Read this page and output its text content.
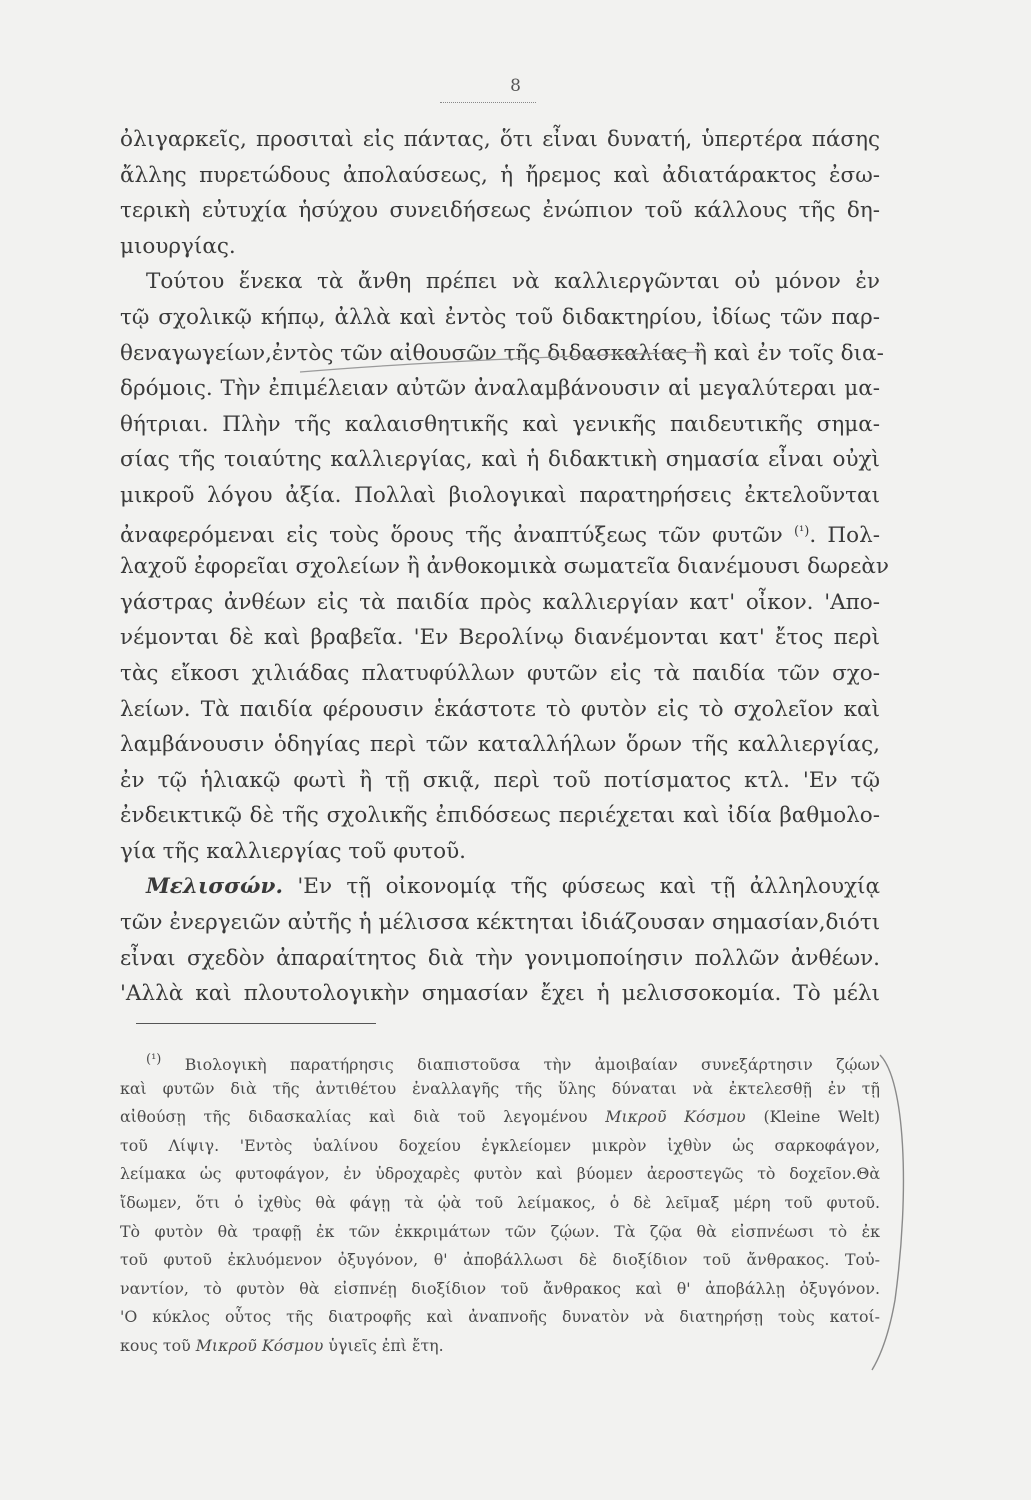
8
ὀλιγαρκεῖς, προσιταὶ εἰς πάντας, ὅτι εἶναι δυνατή, ὑπερτέρα πάσης
ἄλλης πυρετώδους ἀπολαύσεως, ἡ ἤρεμος καὶ ἀδιατάρακτος ἐσω-
τερικὴ εὐτυχία ἡσύχου συνειδήσεως ἐνώπιον τοῦ κάλλους τῆς δη-
μιουργίας.
Τούτου ἕνεκα τὰ ἄνθη πρέπει νὰ καλλιεργῶνται οὐ μόνον ἐν
τῷ σχολικῷ κήπῳ, ἀλλὰ καὶ ἐντὸς τοῦ διδακτηρίου, ἰδίως τῶν παρ-
θεναγωγείων,ἐντὸς τῶν αἰθουσῶν τῆς διδασκαλίας ἢ καὶ ἐν τοῖς δια-
δρόμοις. Τὴν ἐπιμέλειαν αὐτῶν ἀναλαμβάνουσιν αἱ μεγαλύτεραι μα-
θήτριαι. Πλὴν τῆς καλαισθητικῆς καὶ γενικῆς παιδευτικῆς σημα-
σίας τῆς τοιαύτης καλλιεργίας, καὶ ἡ διδακτικὴ σημασία εἶναι οὐχὶ
μικροῦ λόγου ἀξία. Πολλαὶ βιολογικαὶ παρατηρήσεις ἐκτελοῦνται
ἀναφερόμεναι εἰς τοὺς ὅρους τῆς ἀναπτύξεως τῶν φυτῶν $^{(^1)}$. Πολ-
λαχοῦ ἐφορεῖαι σχολείων ἢ ἀνθοκομικὰ σωματεῖα διανέμουσι δωρεὰν
γάστρας ἀνθέων εἰς τὰ παιδία πρὸς καλλιεργίαν κατ' οἶκον. 'Απο-
νέμονται δὲ καὶ βραβεῖα. 'Εν Βερολίνῳ διανέμονται κατ' ἔτος περὶ
τὰς εἴκοσι χιλιάδας πλατυφύλλων φυτῶν εἰς τὰ παιδία τῶν σχο-
λείων. Τὰ παιδία φέρουσιν ἑκάστοτε τὸ φυτὸν εἰς τὸ σχολεῖον καὶ
λαμβάνουσιν ὁδηγίας περὶ τῶν καταλλήλων ὅρων τῆς καλλιεργίας,
ἐν τῷ ἡλιακῷ φωτὶ ἢ τῇ σκιᾷ, περὶ τοῦ ποτίσματος κτλ. 'Εν τῷ
ἐνδεικτικῷ δὲ τῆς σχολικῆς ἐπιδόσεως περιέχεται καὶ ἰδία βαθμολο-
γία τῆς καλλιεργίας τοῦ φυτοῦ.
Μελισσών. 'Εν τῇ οἰκονομίᾳ τῆς φύσεως καὶ τῇ ἀλληλουχίᾳ
τῶν ἐνεργειῶν αὐτῆς ἡ μέλισσα κέκτηται ἰδιάζουσαν σημασίαν,διότι
εἶναι σχεδὸν ἀπαραίτητος διὰ τὴν γονιμοποίησιν πολλῶν ἀνθέων.
'Αλλὰ καὶ πλουτολογικὴν σημασίαν ἔχει ἡ μελισσοκομία. Τὸ μέλι
$^{(^1)}$ Βιολογικὴ παρατήρησις διαπιστοῦσα τὴν ἀμοιβαίαν συνεξάρτησιν ζῴων
καὶ φυτῶν διὰ τῆς ἀντιθέτου ἐναλλαγῆς τῆς ὕλης δύναται νὰ ἐκτελεσθῇ ἐν τῇ
αἰθούσῃ τῆς διδασκαλίας καὶ διὰ τοῦ λεγομένου Μικροῦ Κόσμου (Kleine Welt)
τοῦ Λίψιγ. 'Εντὸς ὑαλίνου δοχείου ἐγκλείομεν μικρὸν ἰχθὺν ὡς σαρκοφάγον,
λείμακα ὡς φυτοφάγον, ἐν ὑδροχαρὲς φυτὸν καὶ βύομεν ἀεροστεγῶς τὸ δοχεῖον.Θὰ
ἴδωμεν, ὅτι ὁ ἰχθὺς θὰ φάγῃ τὰ ᾠὰ τοῦ λείμακος, ὁ δὲ λεῖμαξ μέρη τοῦ φυτοῦ.
Τὸ φυτὸν θὰ τραφῇ ἐκ τῶν ἐκκριμάτων τῶν ζῴων. Τὰ ζῷα θὰ εἰσπνέωσι τὸ ἐκ
τοῦ φυτοῦ ἐκλυόμενον ὀξυγόνον, θ' ἀποβάλλωσι δὲ διοξίδιον τοῦ ἄνθρακος. Τοὐ-
ναντίον, τὸ φυτὸν θὰ εἰσπνέῃ διοξίδιον τοῦ ἄνθρακος καὶ θ' ἀποβάλλῃ ὀξυγόνον.
'Ο κύκλος οὗτος τῆς διατροφῆς καὶ ἀναπνοῆς δυνατὸν νὰ διατηρήσῃ τοὺς κατοί-
κους τοῦ Μικροῦ Κόσμου ὑγιεῖς ἐπὶ ἔτη.
